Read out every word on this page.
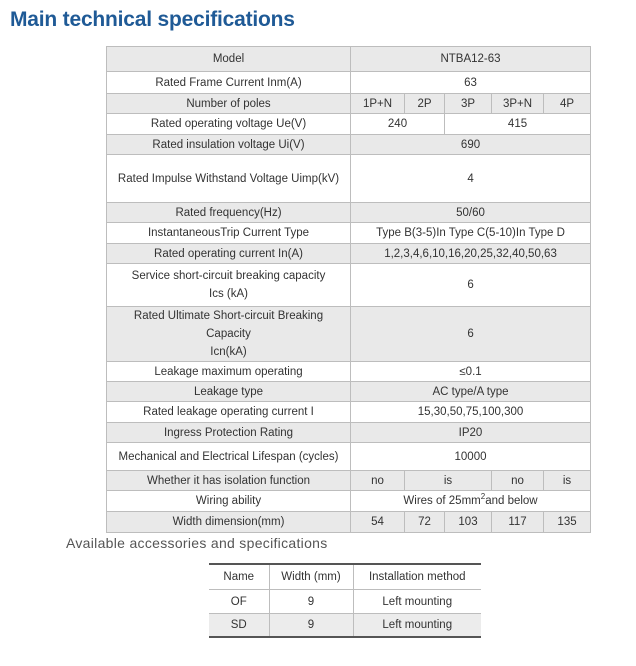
Main technical specifications
Model	NTBA12-63				
Rated Frame Current Inm(A)	63				
Number of poles	1P+N	2P	3P	3P+N	4P
Rated operating voltage Ue(V)	240		415		
Rated insulation voltage Ui(V)	690				
Rated Impulse Withstand Voltage Uimp(kV)	4				
Rated frequency(Hz)	50/60				
InstantaneousTrip Current Type	Type B(3-5)In Type C(5-10)In Type D				
Rated operating current In(A)	1,2,3,4,6,10,16,20,25,32,40,50,63				

Service short-circuit breaking capacity
Ics (kA)	6				

Rated Ultimate Short-circuit Breaking Capacity
Icn(kA)	6				
Leakage maximum operating	≤0.1				
Leakage type	AC type/A type				
Rated leakage operating current I	15,30,50,75,100,300				
Ingress Protection Rating	IP20				
Mechanical and Electrical Lifespan (cycles)	10000				
Whether it has isolation function	no	is		no	is
Wiring ability	Wires of $25mm^2and$ below				
Width dimension(mm)	54	72	103	117	135
Available accessories and specifications
Name	Width (mm)	Installation method
OF	9	Left mounting
SD	9	Left mounting
